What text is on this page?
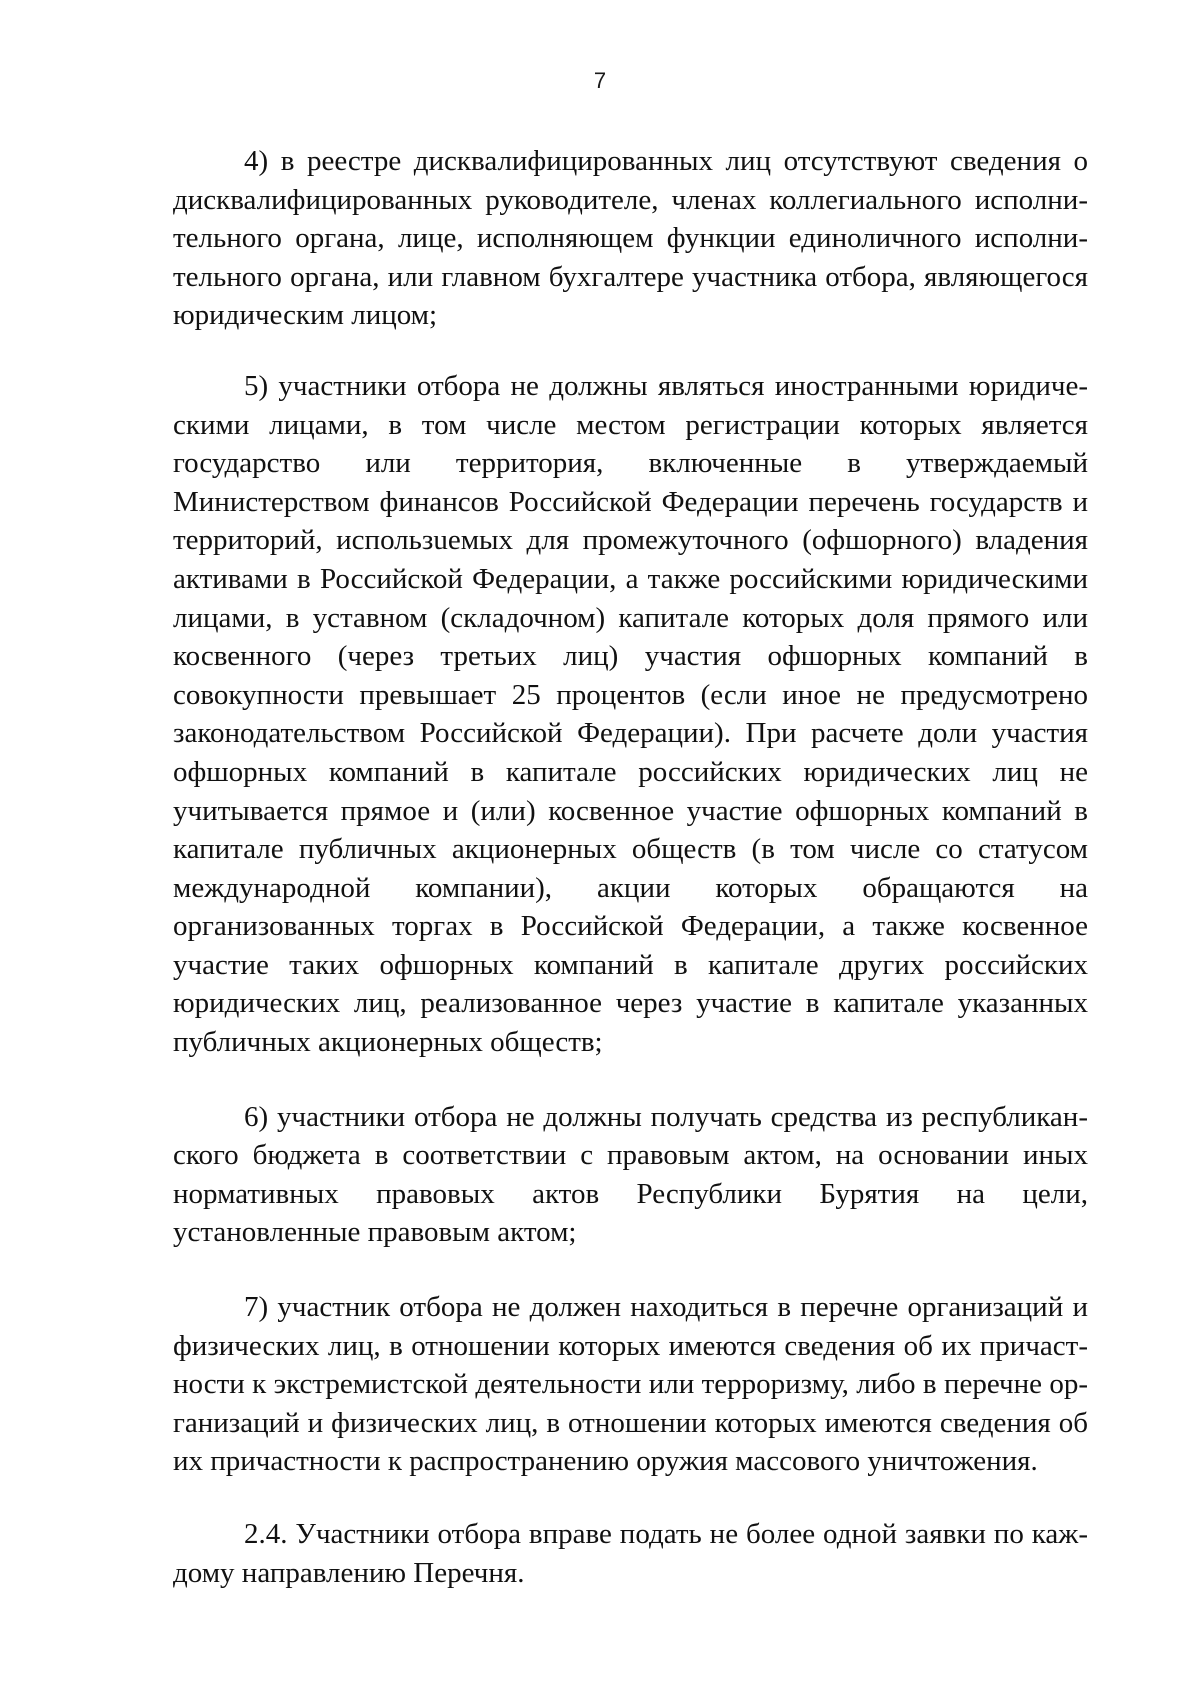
7

4) в реестре дисквалифицированных лиц отсутствуют сведения о дисквалифицированных руководителе, членах коллегиального исполнительного органа, лице, исполняющем функции единоличного исполнительного органа, или главном бухгалтере участника отбора, являющегося юридическим лицом;

5) участники отбора не должны являться иностранными юридическими лицами, в том числе местом регистрации которых является государство или территория, включенные в утверждаемый Министерством финансов Российской Федерации перечень государств и территорий, использueмых для промежуточного (офшорного) владения активами в Российской Федерации, а также российскими юридическими лицами, в уставном (складочном) капитале которых доля прямого или косвенного (через третьих лиц) участия офшорных компаний в совокупности превышает 25 процентов (если иное не предусмотрено законодательством Российской Федерации). При расчете доли участия офшорных компаний в капитале российских юридических лиц не учитывается прямое и (или) косвенное участие офшорных компаний в капитале публичных акционерных обществ (в том числе со статусом международной компании), акции которых обращаются на организованных торгах в Российской Федерации, а также косвенное участие таких офшорных компаний в капитале других российских юридических лиц, реализованное через участие в капитале указанных публичных акционерных обществ;

6) участники отбора не должны получать средства из республиканского бюджета в соответствии с правовым актом, на основании иных нормативных правовых актов Республики Бурятия на цели, установленные правовым актом;

7) участник отбора не должен находиться в перечне организаций и физических лиц, в отношении которых имеются сведения об их причастности к экстремистской деятельности или терроризму, либо в перечне организаций и физических лиц, в отношении которых имеются сведения об их причастности к распространению оружия массового уничтожения.

2.4. Участники отбора вправе подать не более одной заявки по каждому направлению Перечня.
